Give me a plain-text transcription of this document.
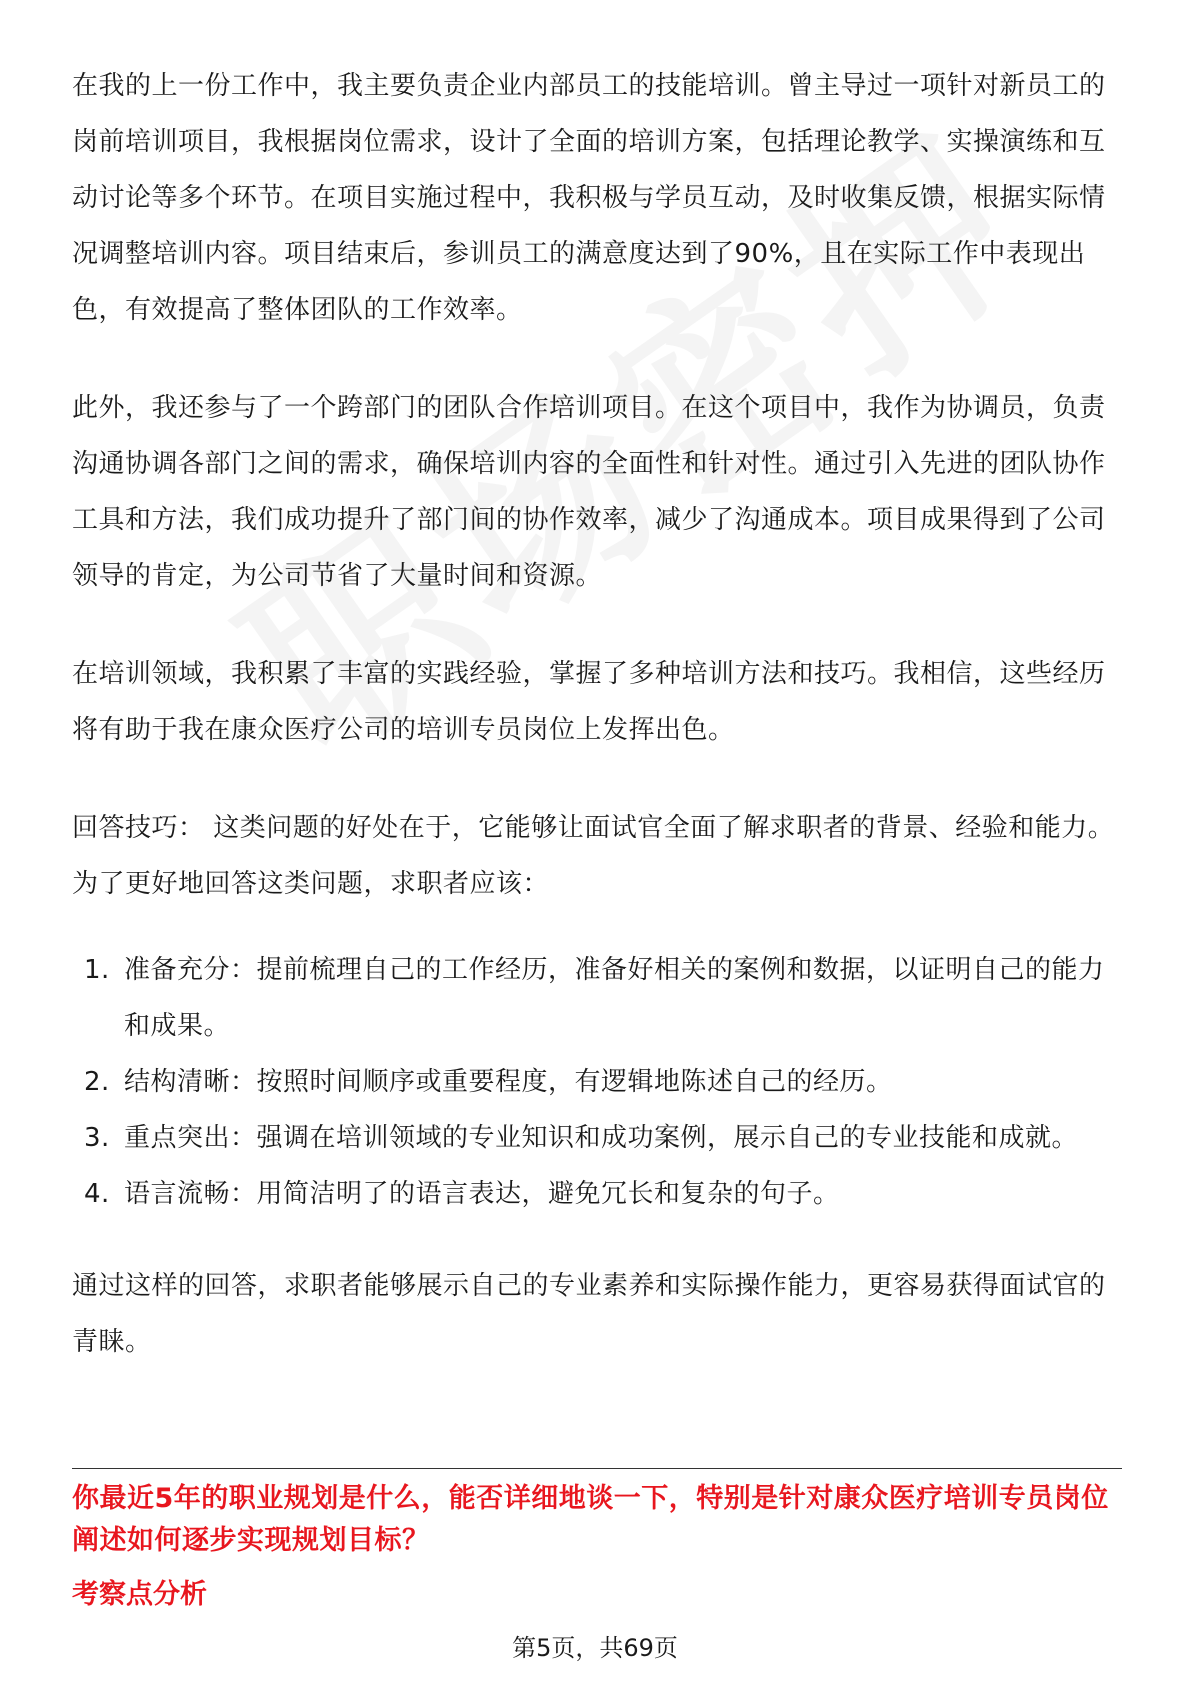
在我的上一份工作中，我主要负责企业内部员工的技能培训。曾主导过一项针对新员工的岗前培训项目，我根据岗位需求，设计了全面的培训方案，包括理论教学、实操演练和互动讨论等多个环节。在项目实施过程中，我积极与学员互动，及时收集反馈，根据实际情况调整培训内容。项目结束后，参训员工的满意度达到了90%，且在实际工作中表现出色，有效提高了整体团队的工作效率。

此外，我还参与了一个跨部门的团队合作培训项目。在这个项目中，我作为协调员，负责沟通协调各部门之间的需求，确保培训内容的全面性和针对性。通过引入先进的团队协作工具和方法，我们成功提升了部门间的协作效率，减少了沟通成本。项目成果得到了公司领导的肯定，为公司节省了大量时间和资源。

在培训领域，我积累了丰富的实践经验，掌握了多种培训方法和技巧。我相信，这些经历将有助于我在康众医疗公司的培训专员岗位上发挥出色。

回答技巧： 这类问题的好处在于，它能够让面试官全面了解求职者的背景、经验和能力。为了更好地回答这类问题，求职者应该：

1. 准备充分：提前梳理自己的工作经历，准备好相关的案例和数据，以证明自己的能力和成果。
2. 结构清晰：按照时间顺序或重要程度，有逻辑地陈述自己的经历。
3. 重点突出：强调在培训领域的专业知识和成功案例，展示自己的专业技能和成就。
4. 语言流畅：用简洁明了的语言表达，避免冗长和复杂的句子。

通过这样的回答，求职者能够展示自己的专业素养和实际操作能力，更容易获得面试官的青睐。

你最近5年的职业规划是什么，能否详细地谈一下，特别是针对康众医疗培训专员岗位阐述如何逐步实现规划目标？
考察点分析
第5页，共69页
